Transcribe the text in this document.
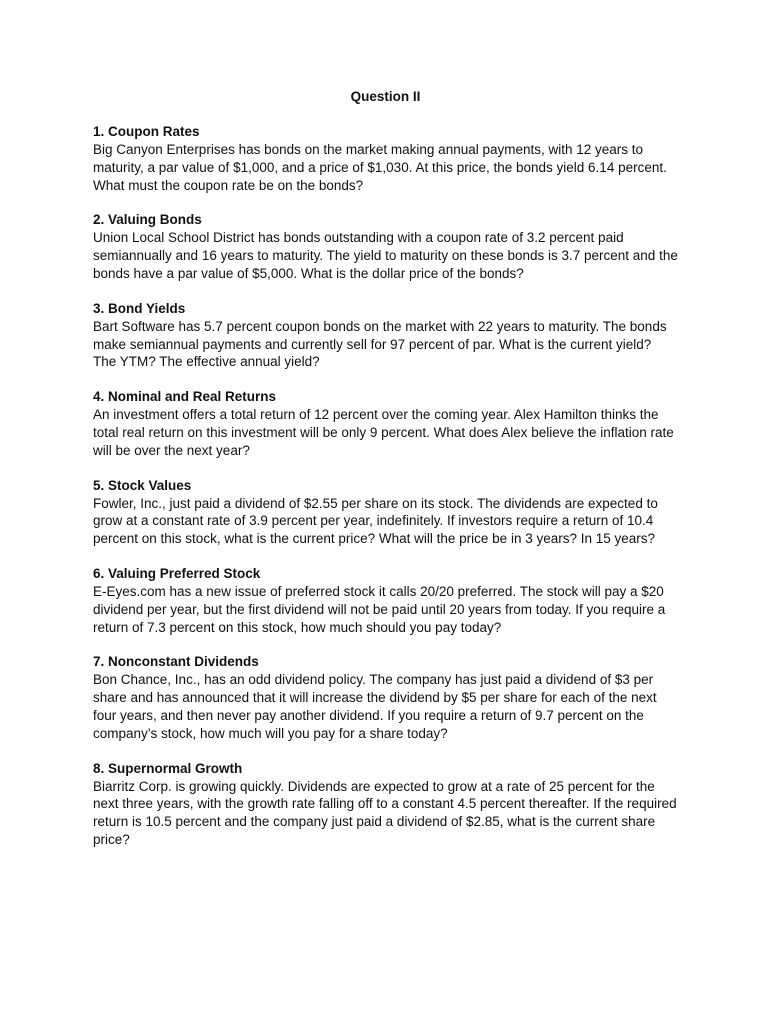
Question II

1. Coupon Rates

Big Canyon Enterprises has bonds on the market making annual payments, with 12 years to maturity, a par value of $1,000, and a price of $1,030. At this price, the bonds yield 6.14 percent. What must the coupon rate be on the bonds?

2. Valuing Bonds

Union Local School District has bonds outstanding with a coupon rate of 3.2 percent paid semiannually and 16 years to maturity. The yield to maturity on these bonds is 3.7 percent and the bonds have a par value of $5,000. What is the dollar price of the bonds?

3. Bond Yields

Bart Software has 5.7 percent coupon bonds on the market with 22 years to maturity. The bonds make semiannual payments and currently sell for 97 percent of par. What is the current yield? The YTM? The effective annual yield?

4. Nominal and Real Returns

An investment offers a total return of 12 percent over the coming year. Alex Hamilton thinks the total real return on this investment will be only 9 percent. What does Alex believe the inflation rate will be over the next year?

5. Stock Values

Fowler, Inc., just paid a dividend of $2.55 per share on its stock. The dividends are expected to grow at a constant rate of 3.9 percent per year, indefinitely. If investors require a return of 10.4 percent on this stock, what is the current price? What will the price be in 3 years? In 15 years?

6. Valuing Preferred Stock

E-Eyes.com has a new issue of preferred stock it calls 20/20 preferred. The stock will pay a $20 dividend per year, but the first dividend will not be paid until 20 years from today. If you require a return of 7.3 percent on this stock, how much should you pay today?

7. Nonconstant Dividends

Bon Chance, Inc., has an odd dividend policy. The company has just paid a dividend of $3 per share and has announced that it will increase the dividend by $5 per share for each of the next four years, and then never pay another dividend. If you require a return of 9.7 percent on the company’s stock, how much will you pay for a share today?

8. Supernormal Growth

Biarritz Corp. is growing quickly. Dividends are expected to grow at a rate of 25 percent for the next three years, with the growth rate falling off to a constant 4.5 percent thereafter. If the required return is 10.5 percent and the company just paid a dividend of $2.85, what is the current share price?
